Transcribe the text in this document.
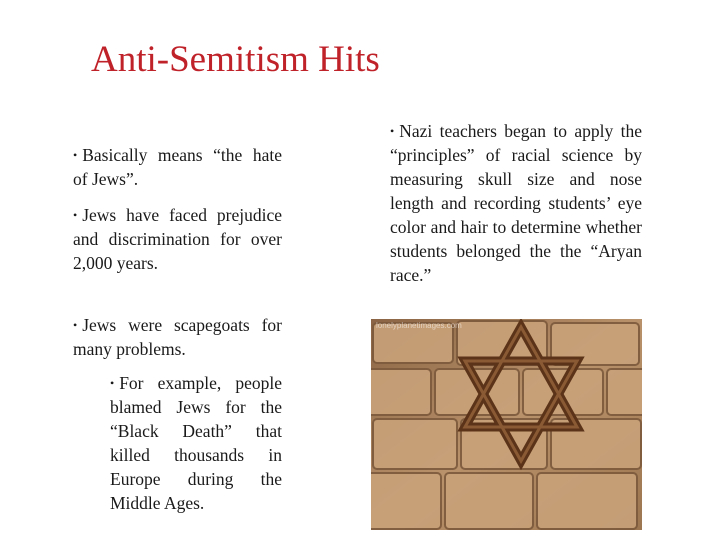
Anti-Semitism Hits
• Basically means “the hate of Jews”.
• Jews have faced prejudice and discrimination for over 2,000 years.
• Jews were scapegoats for many problems.
• For example, people blamed Jews for the “Black Death” that killed thousands in Europe during the Middle Ages.
• Nazi teachers began to apply the “principles” of racial science by measuring skull size and nose length and recording students’ eye color and hair to determine whether students belonged the the “Aryan race.”
lonelyplanetimages.com
